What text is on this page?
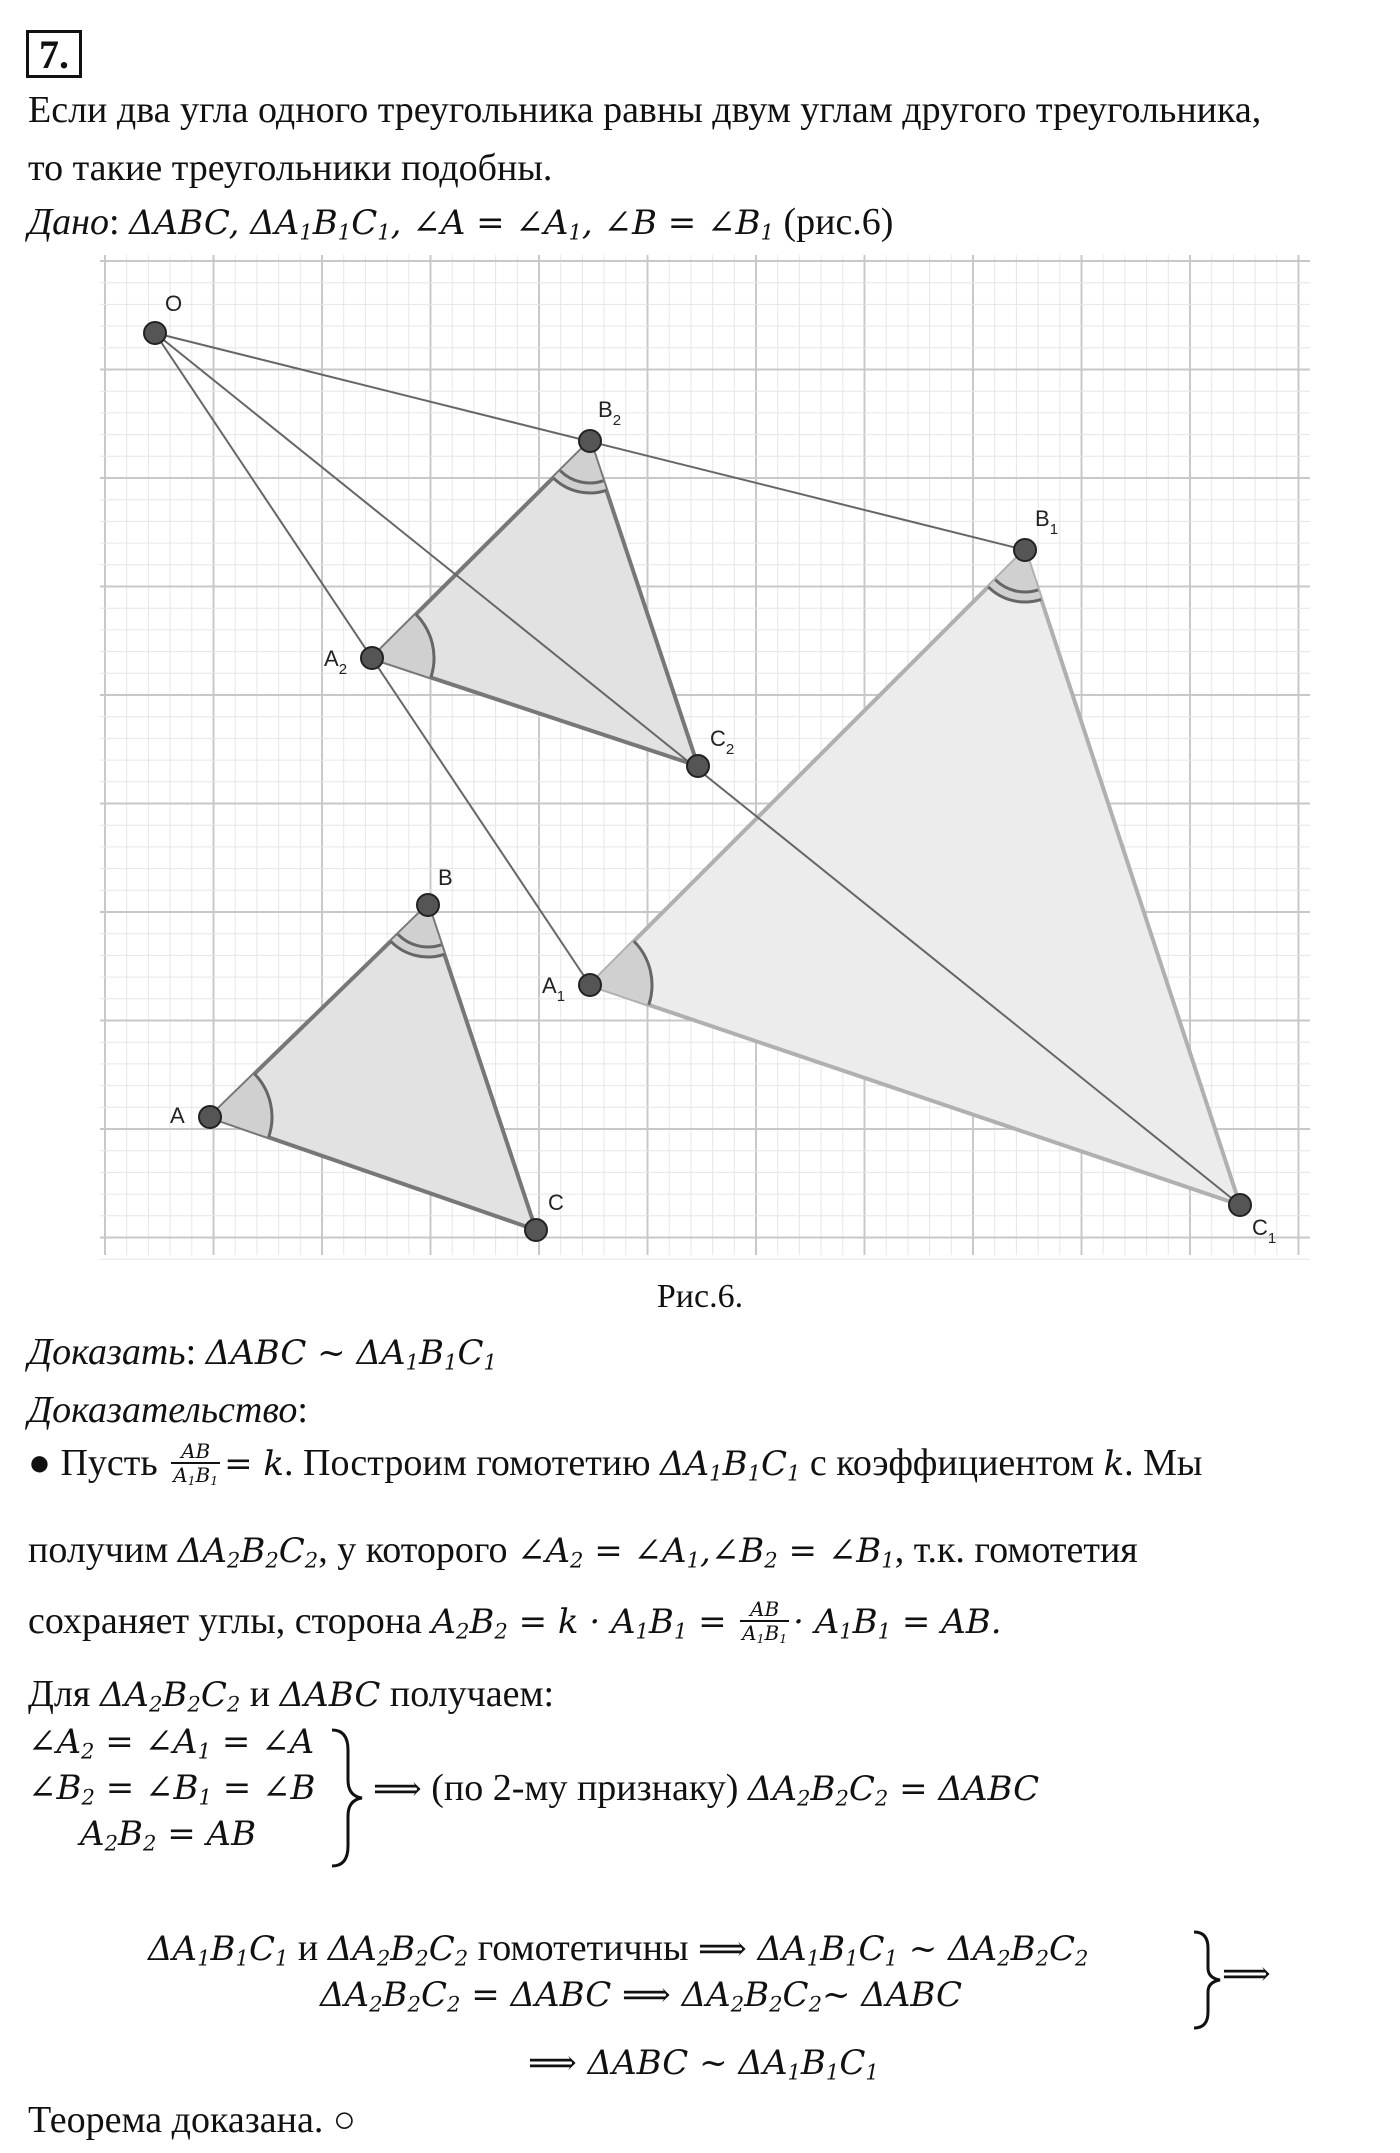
7.
Если два угла одного треугольника равны двум углам другого треугольника,
то такие треугольники подобны.
Дано: ΔABC, $\Delta A_1B_1C_1$, ∠A = $\angle A_1$, ∠B = $\angle B_1$ (рис.6)
O
A
B
C
$A_1$
$B_1$
$C_1$
$A_2$
$B_2$
$C_2$
Рис.6.
Доказать: ΔABC ~ $\Delta A_1B_1C_1$
Доказательство:
● Пусть $\frac{AB}{A_1B_1} = k$. Построим гомотетию $\Delta A_1B_1C_1$ с коэффициентом k. Мы
получим $\Delta A_2B_2C_2$, у которого $\angle A_2$ = $\angle A_1,\angle B_2$ = $\angle B_1$, т.к. гомотетия
сохраняет углы, сторона $A_2B_2 = k \cdot A_1B_1 = \frac{AB}{A_1B_1} \cdot A_1B_1$ = AB.
Для $\Delta A_2B_2C_2$ и ΔABC получаем:
$\angle A_2$ = $\angle A_1$ = ∠A
$\angle B_2$ = $\angle B_1$ = ∠B
$A_2B_2$ = AB
⟹ (по 2-му признаку) $\Delta A_2B_2C_2 = \Delta ABC$
$\Delta A_1B_1C_1$ и $\Delta A_2B_2C_2$ гомотетичны ⟹ $\Delta A_1B_1C_1$ ~ $\Delta A_2B_2C_2$
$\Delta A_2B_2C_2 = \Delta ABC$ ⟹ $\Delta A_2B_2C_2\sim$ ΔABC
⟹
⟹ ΔABC ~ $\Delta A_1B_1C_1$
Теорема доказана. ○
